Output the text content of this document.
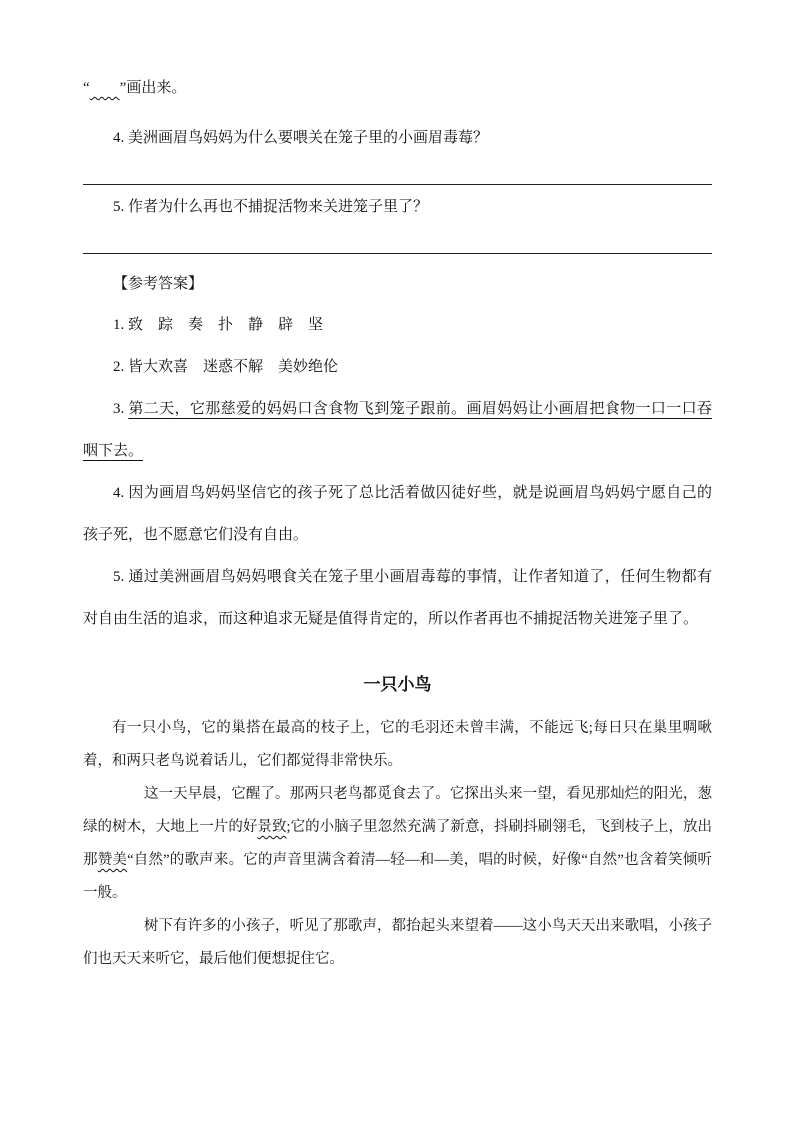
“ ”画出来。

4. 美洲画眉鸟妈妈为什么要喂关在笼子里的小画眉毒莓？

5. 作者为什么再也不捕捉活物来关进笼子里了？

【参考答案】

1. 致　踪　奏　扑　静　辟　坚

2. 皆大欢喜　迷惑不解　美妙绝伦

3. 第二天，它那慈爱的妈妈口含食物飞到笼子跟前。画眉妈妈让小画眉把食物一口一口吞咽下去。

4. 因为画眉鸟妈妈坚信它的孩子死了总比活着做囚徒好些，就是说画眉鸟妈妈宁愿自己的孩子死，也不愿意它们没有自由。

5. 通过美洲画眉鸟妈妈喂食关在笼子里小画眉毒莓的事情，让作者知道了，任何生物都有对自由生活的追求，而这种追求无疑是值得肯定的，所以作者再也不捕捉活物关进笼子里了。

一只小鸟

有一只小鸟，它的巢搭在最高的枝子上，它的毛羽还未曾丰满，不能远飞;每日只在巢里啁啾着，和两只老鸟说着话儿，它们都觉得非常快乐。

这一天早晨，它醒了。那两只老鸟都觅食去了。它探出头来一望，看见那灿烂的阳光，葱绿的树木，大地上一片的好景致;它的小脑子里忽然充满了新意，抖刷抖刷翎毛，飞到枝子上，放出那赞美“自然”的歌声来。它的声音里满含着清—轻—和—美，唱的时候，好像“自然”也含着笑倾听一般。

树下有许多的小孩子，听见了那歌声，都抬起头来望着——这小鸟天天出来歌唱，小孩子们也天天来听它，最后他们便想捉住它。
